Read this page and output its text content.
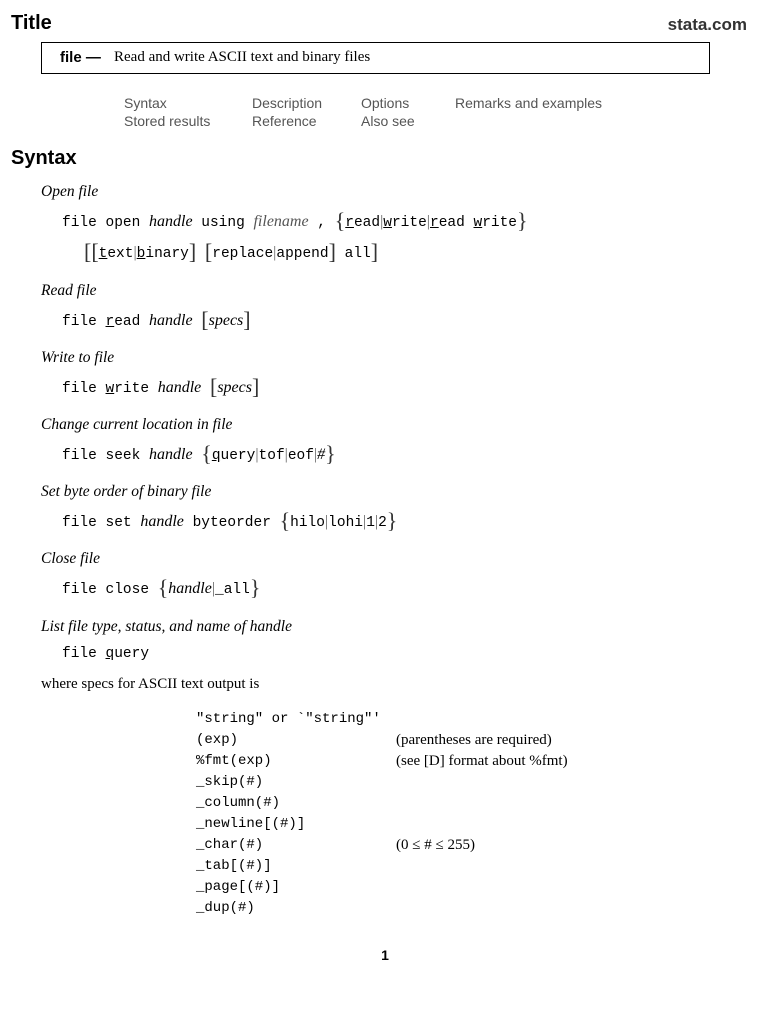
Title	stata.com
file — Read and write ASCII text and binary files
Syntax	Description	Options	Remarks and examples
Stored results	Reference	Also see
Syntax
Open file
file open handle using filename , {read|write|read write}
[[text|binary] [replace|append] all]
Read file
file read handle [specs]
Write to file
file write handle [specs]
Change current location in file
file seek handle {query|tof|eof|#}
Set byte order of binary file
file set handle byteorder {hilo|lohi|1|2}
Close file
file close {handle|_all}
List file type, status, and name of handle
file query
where specs for ASCII text output is
"string" or `"string"'
(exp)	(parentheses are required)
%fmt(exp)	(see [D] format about %fmt)
_skip(#)
_column(#)
_newline[(#)]
_char(#)	(0 ≤ # ≤ 255)
_tab[(#)]
_page[(#)]
_dup(#)
1
